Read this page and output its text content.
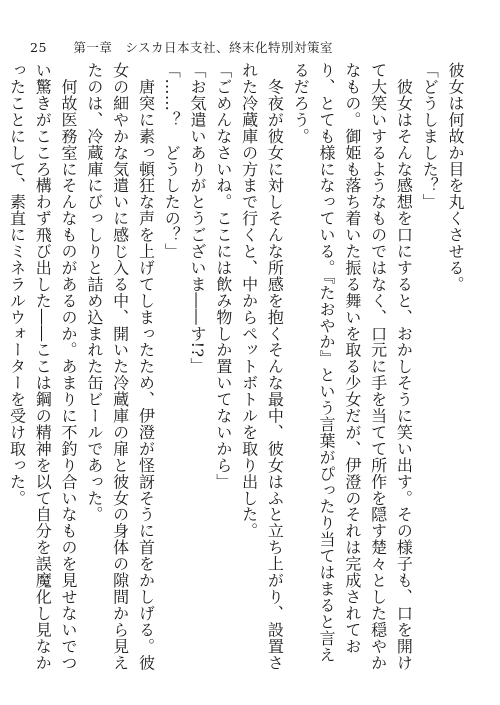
25 第一章　シスカ日本支社、終末化特別対策室

彼女は何故か目を丸くさせる。

「どうしました？」

　彼女はそんな感想を口にすると、おかしそうに笑い出す。その様子も、口を開けて大笑いするようなものではなく、口元に手を当てて所作を隠す楚々とした穏やかなもの。御姫も落ち着いた振る舞いを取る少女だが、伊澄のそれは完成されており、とても様になっている。『たおやか』という言葉がぴったり当てはまると言えるだろう。

　冬夜が彼女に対しそんな所感を抱くそんな最中、彼女はふと立ち上がり、設置された冷蔵庫の方まで行くと、中からペットボトルを取り出した。

「ごめんなさいね。ここには飲み物しか置いてないから」

「お気遣いありがとうございま――す!?」

「……？　どうしたの？」

　唐突に素っ頓狂な声を上げてしまったため、伊澄が怪訝そうに首をかしげる。彼女の細やかな気遣いに感じ入る中、開いた冷蔵庫の扉と彼女の身体の隙間から見えたのは、冷蔵庫にびっしりと詰め込まれた缶ビールであった。

　何故医務室にそんなものがあるのか。あまりに不釣り合いなものを見せないでつい驚きがこころ構わず飛び出した――ここは鋼の精神を以て自分を誤魔化し見なかったことにして、素直にミネラルウォーターを受け取った。
